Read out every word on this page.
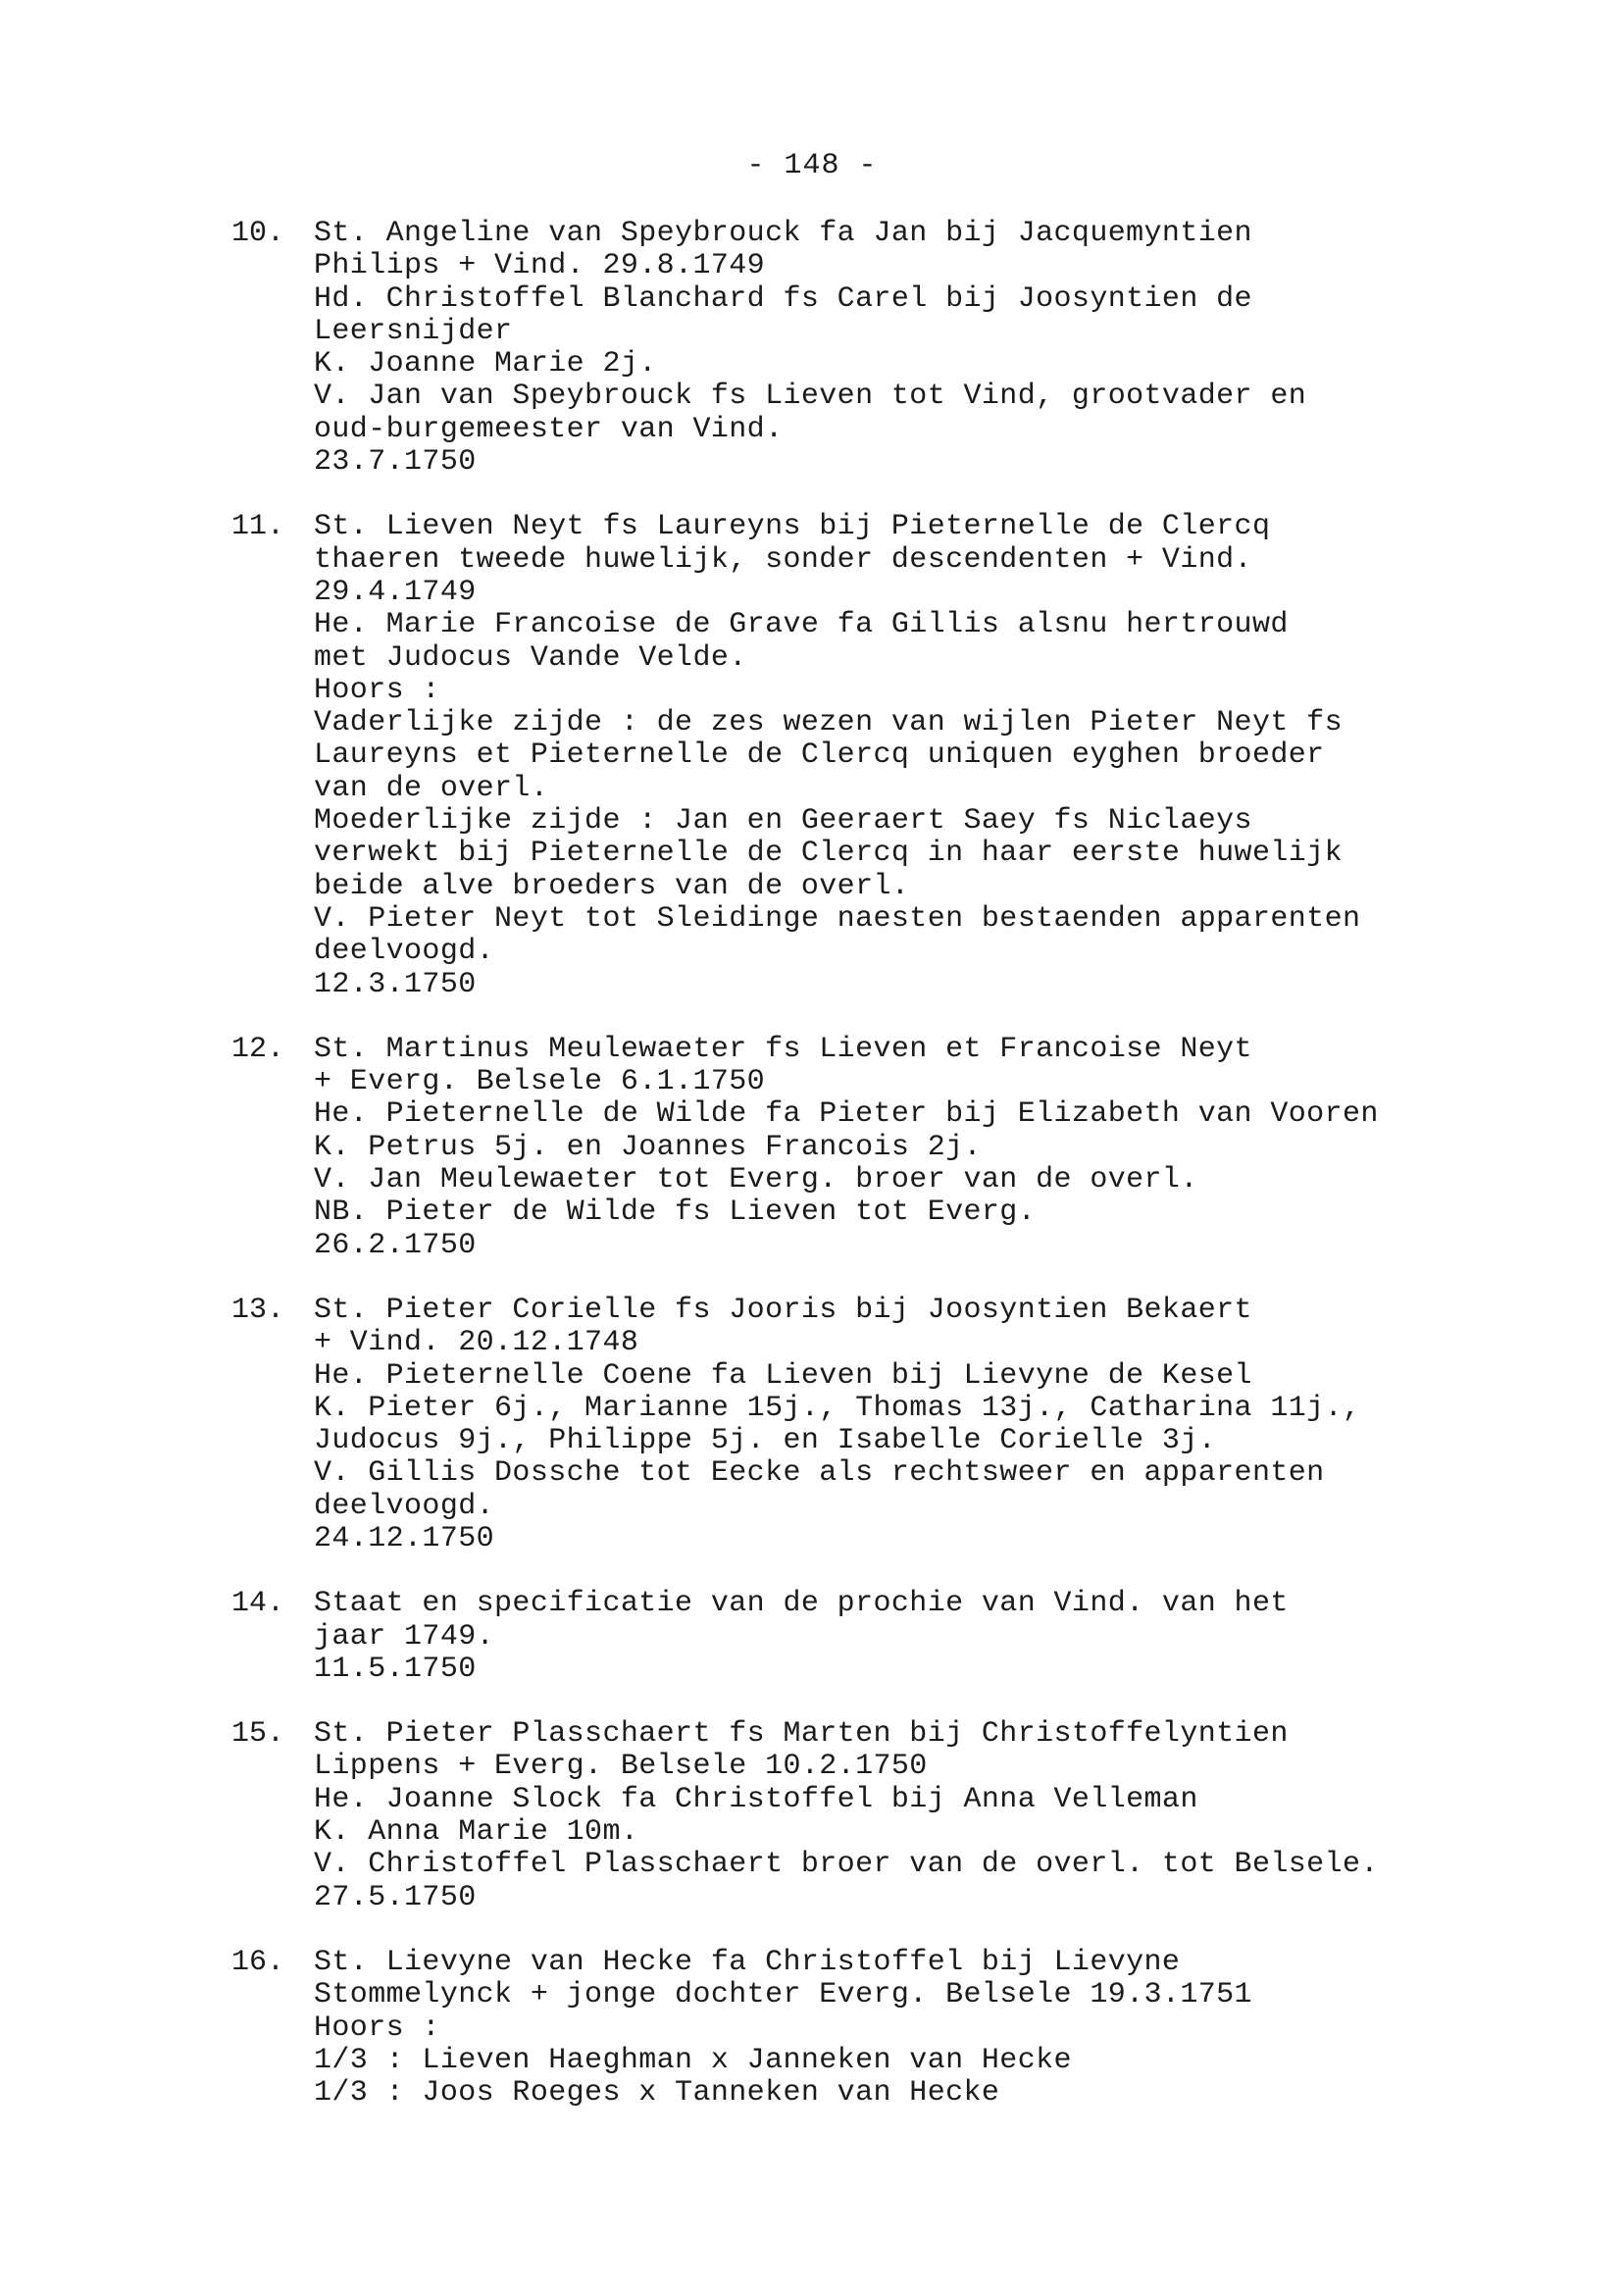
- 148 -
10. St. Angeline van Speybrouck fa Jan bij Jacquemyntien
Philips + Vind. 29.8.1749
Hd. Christoffel Blanchard fs Carel bij Joosyntien de
Leersnijder
K. Joanne Marie 2j.
V. Jan van Speybrouck fs Lieven tot Vind, grootvader en
oud-burgemeester van Vind.
23.7.1750
11. St. Lieven Neyt fs Laureyns bij Pieternelle de Clercq
thaeren tweede huwelijk, sonder descendenten + Vind.
29.4.1749
He. Marie Francoise de Grave fa Gillis alsnu hertrouwd
met Judocus Vande Velde.
Hoors :
Vaderlijke zijde : de zes wezen van wijlen Pieter Neyt fs
Laureyns et Pieternelle de Clercq uniquen eyghen broeder
van de overl.
Moederlijke zijde : Jan en Geeraert Saey fs Niclaeys
verwekt bij Pieternelle de Clercq in haar eerste huwelijk
beide alve broeders van de overl.
V. Pieter Neyt tot Sleidinge naesten bestaenden apparenten
deelvoogd.
12.3.1750
12. St. Martinus Meulewaeter fs Lieven et Francoise Neyt
+ Everg. Belsele 6.1.1750
He. Pieternelle de Wilde fa Pieter bij Elizabeth van Vooren
K. Petrus 5j. en Joannes Francois 2j.
V. Jan Meulewaeter tot Everg. broer van de overl.
NB. Pieter de Wilde fs Lieven tot Everg.
26.2.1750
13. St. Pieter Corielle fs Jooris bij Joosyntien Bekaert
+ Vind. 20.12.1748
He. Pieternelle Coene fa Lieven bij Lievyne de Kesel
K. Pieter 6j., Marianne 15j., Thomas 13j., Catharina 11j.,
Judocus 9j., Philippe 5j. en Isabelle Corielle 3j.
V. Gillis Dossche tot Eecke als rechtsweer en apparenten
deelvoogd.
24.12.1750
14. Staat en specificatie van de prochie van Vind. van het
jaar 1749.
11.5.1750
15. St. Pieter Plasschaert fs Marten bij Christoffelyntien
Lippens + Everg. Belsele 10.2.1750
He. Joanne Slock fa Christoffel bij Anna Velleman
K. Anna Marie 10m.
V. Christoffel Plasschaert broer van de overl. tot Belsele.
27.5.1750
16. St. Lievyne van Hecke fa Christoffel bij Lievyne
Stommelynck + jonge dochter Everg. Belsele 19.3.1751
Hoors :
1/3 : Lieven Haeghman x Janneken van Hecke
1/3 : Joos Roeges x Tanneken van Hecke
